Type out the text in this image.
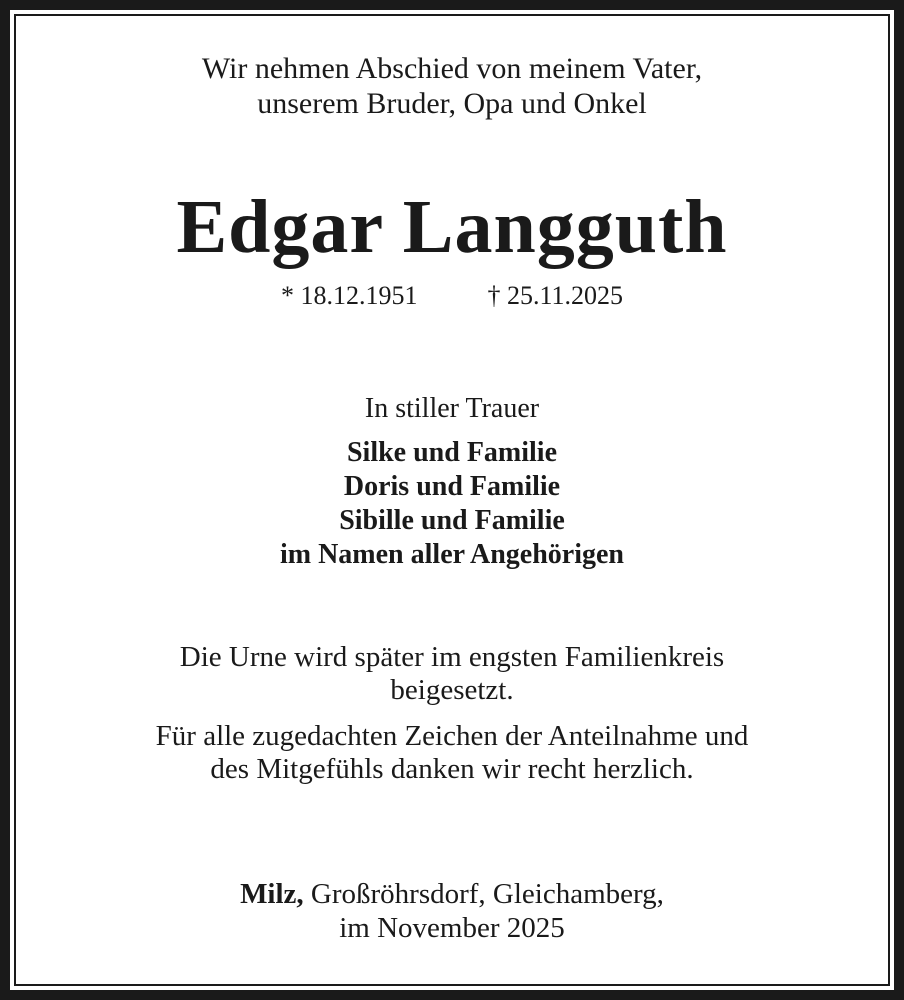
Wir nehmen Abschied von meinem Vater,

unserem Bruder, Opa und Onkel

Edgar Langguth

* 18.12.1951	† 25.11.2025

In stiller Trauer

Silke und Familie

Doris und Familie

Sibille und Familie

im Namen aller Angehörigen

Die Urne wird später im engsten Familienkreis

beigesetzt.

Für alle zugedachten Zeichen der Anteilnahme und

des Mitgefühls danken wir recht herzlich.

Milz, Großröhrsdorf, Gleichamberg,

im November 2025
